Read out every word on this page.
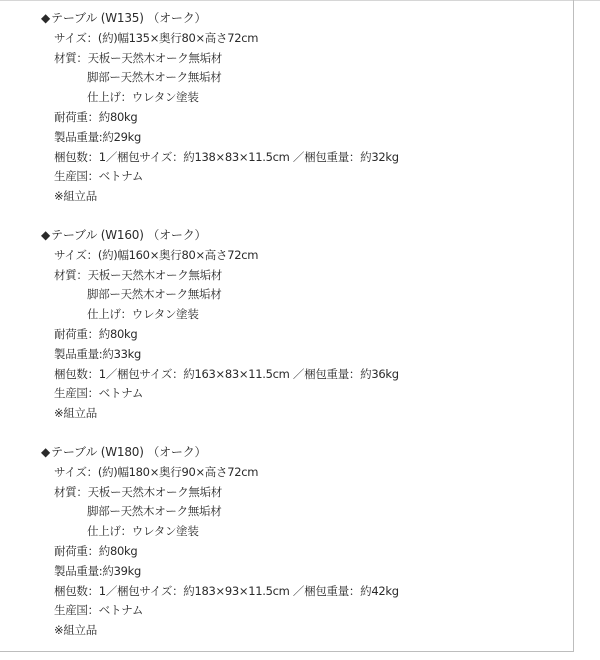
◆テーブル (W135) （オーク）
サイズ：(約)幅135×奥行80×高さ72cm
材質：天板ー天然木オーク無垢材
脚部ー天然木オーク無垢材
仕上げ：ウレタン塗装
耐荷重：約80kg
製品重量:約29kg
梱包数：1／梱包サイズ：約138×83×11.5cm ／梱包重量：約32kg
生産国：ベトナム
※組立品
◆テーブル (W160) （オーク）
サイズ：(約)幅160×奥行80×高さ72cm
材質：天板ー天然木オーク無垢材
脚部ー天然木オーク無垢材
仕上げ：ウレタン塗装
耐荷重：約80kg
製品重量:約33kg
梱包数：1／梱包サイズ：約163×83×11.5cm ／梱包重量：約36kg
生産国：ベトナム
※組立品
◆テーブル (W180) （オーク）
サイズ：(約)幅180×奥行90×高さ72cm
材質：天板ー天然木オーク無垢材
脚部ー天然木オーク無垢材
仕上げ：ウレタン塗装
耐荷重：約80kg
製品重量:約39kg
梱包数：1／梱包サイズ：約183×93×11.5cm ／梱包重量：約42kg
生産国：ベトナム
※組立品
